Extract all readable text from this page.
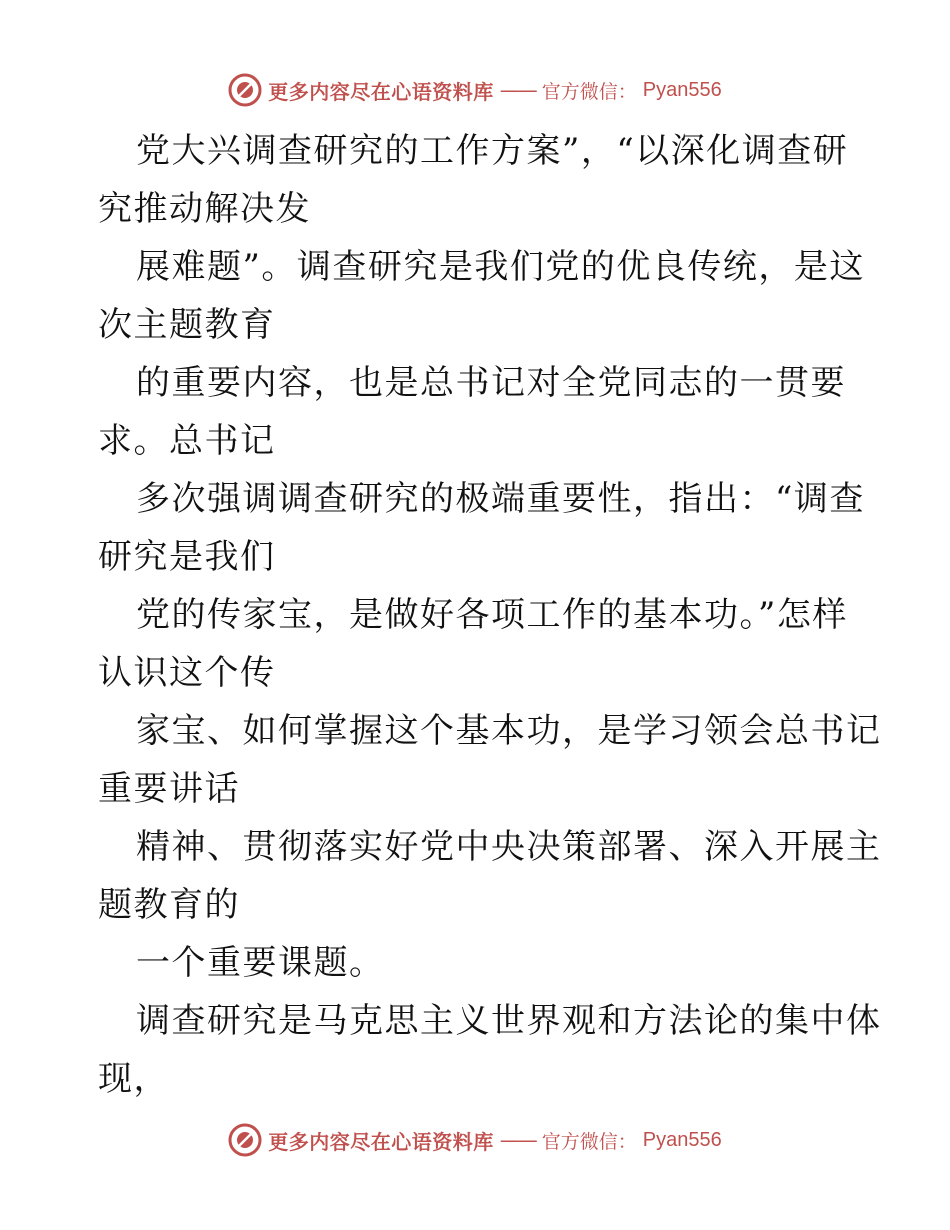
更多内容尽在心语资料库 —— 官方微信： Pyan556

党大兴调查研究的工作方案”，“以深化调查研
究推动解决发

展难题”。调查研究是我们党的优良传统，是这
次主题教育

的重要内容，也是总书记对全党同志的一贯要
求。总书记

多次强调调查研究的极端重要性，指出：“调查
研究是我们

党的传家宝，是做好各项工作的基本功。”怎样
认识这个传

家宝、如何掌握这个基本功，是学习领会总书记
重要讲话

精神、贯彻落实好党中央决策部署、深入开展主
题教育的

一个重要课题。

调查研究是马克思主义世界观和方法论的集中体
现，

更多内容尽在心语资料库 —— 官方微信： Pyan556
